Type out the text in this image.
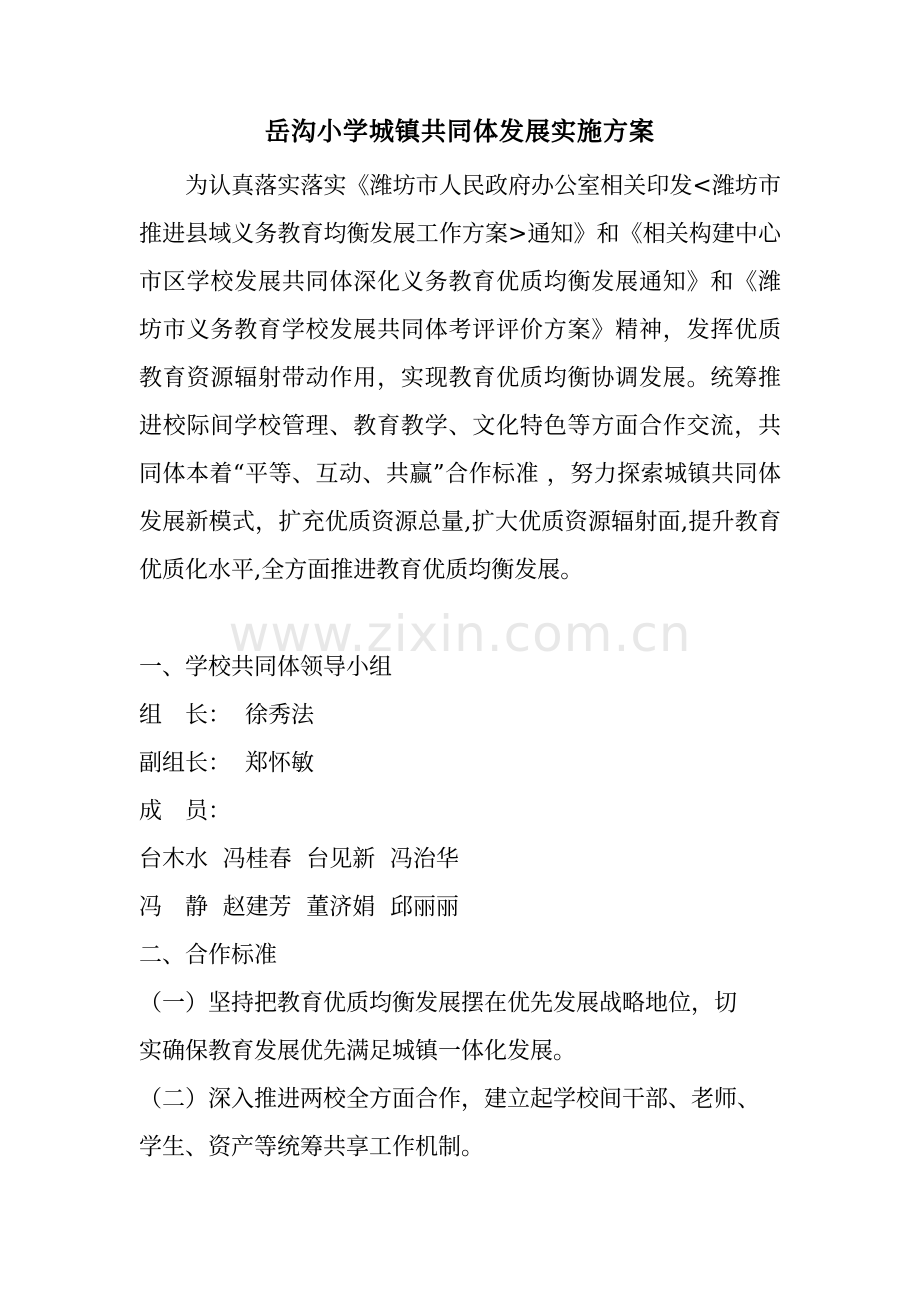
岳沟小学城镇共同体发展实施方案

为认真落实落实《潍坊市人民政府办公室相关印发<潍坊市推进县域义务教育均衡发展工作方案>通知》和《相关构建中心市区学校发展共同体深化义务教育优质均衡发展通知》和《潍坊市义务教育学校发展共同体考评评价方案》精神，发挥优质教育资源辐射带动作用，实现教育优质均衡协调发展。统筹推进校际间学校管理、教育教学、文化特色等方面合作交流，共同体本着“平等、互动、共赢”合作标准 ，努力探索城镇共同体发展新模式，扩充优质资源总量,扩大优质资源辐射面,提升教育优质化水平,全方面推进教育优质均衡发展。

一、学校共同体领导小组
组　长： 徐秀法
副组长： 郑怀敏
成　员：
台木水  冯桂春  台见新  冯治华
冯　静  赵建芳  董济娟  邱丽丽
二、合作标准
（一）坚持把教育优质均衡发展摆在优先发展战略地位，切
实确保教育发展优先满足城镇一体化发展。
（二）深入推进两校全方面合作，建立起学校间干部、老师、
学生、资产等统筹共享工作机制。
www.zixin.com.cn
